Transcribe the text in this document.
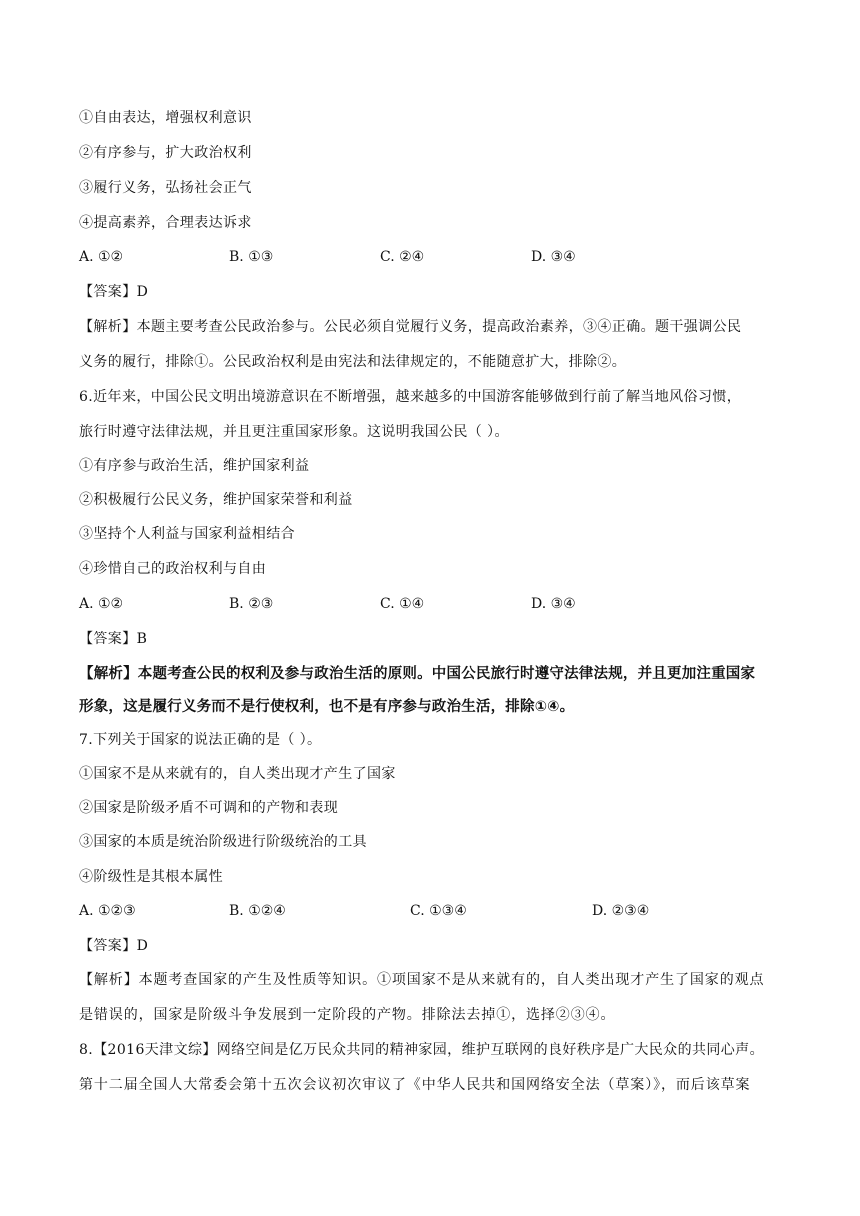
①自由表达，增强权利意识
②有序参与，扩大政治权利
③履行义务，弘扬社会正气
④提高素养，合理表达诉求
A. ①②	B. ①③	C. ②④	D. ③④
【答案】D
【解析】本题主要考查公民政治参与。公民必须自觉履行义务，提高政治素养，③④正确。题干强调公民
义务的履行，排除①。公民政治权利是由宪法和法律规定的，不能随意扩大，排除②。
6.近年来，中国公民文明出境游意识在不断增强，越来越多的中国游客能够做到行前了解当地风俗习惯，
旅行时遵守法律法规，并且更注重国家形象。这说明我国公民（ ）。
①有序参与政治生活，维护国家利益
②积极履行公民义务，维护国家荣誉和利益
③坚持个人利益与国家利益相结合
④珍惜自己的政治权利与自由
A. ①②	B. ②③	C. ①④	D. ③④
【答案】B
【解析】本题考查公民的权利及参与政治生活的原则。中国公民旅行时遵守法律法规，并且更加注重国家
形象，这是履行义务而不是行使权利，也不是有序参与政治生活，排除①④。
7.下列关于国家的说法正确的是（ ）。
①国家不是从来就有的，自人类出现才产生了国家
②国家是阶级矛盾不可调和的产物和表现
③国家的本质是统治阶级进行阶级统治的工具
④阶级性是其根本属性
A. ①②③	B. ①②④	C. ①③④	D. ②③④
【答案】D
【解析】本题考查国家的产生及性质等知识。①项国家不是从来就有的，自人类出现才产生了国家的观点
是错误的，国家是阶级斗争发展到一定阶段的产物。排除法去掉①，选择②③④。
8.【2016天津文综】网络空间是亿万民众共同的精神家园，维护互联网的良好秩序是广大民众的共同心声。
第十二届全国人大常委会第十五次会议初次审议了《中华人民共和国网络安全法（草案）》，而后该草案
